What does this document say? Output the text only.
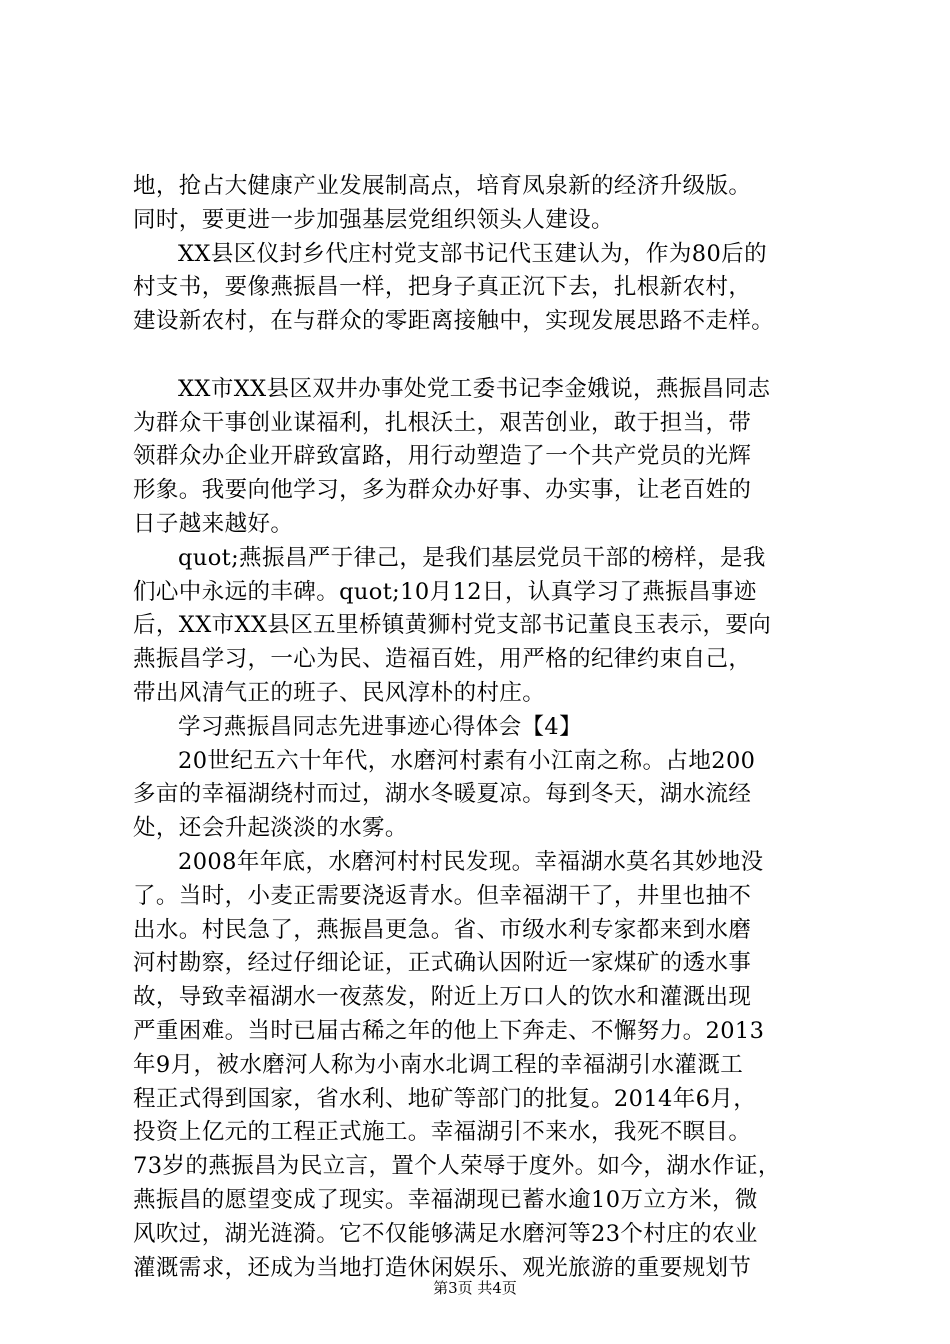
地，抢占大健康产业发展制高点，培育凤泉新的经济升级版。
同时，要更进一步加强基层党组织领头人建设。
XX县区仪封乡代庄村党支部书记代玉建认为，作为80后的
村支书，要像燕振昌一样，把身子真正沉下去，扎根新农村，
建设新农村，在与群众的零距离接触中，实现发展思路不走样。
XX市XX县区双井办事处党工委书记李金娥说，燕振昌同志
为群众干事创业谋福利，扎根沃土，艰苦创业，敢于担当，带
领群众办企业开辟致富路，用行动塑造了一个共产党员的光辉
形象。我要向他学习，多为群众办好事、办实事，让老百姓的
日子越来越好。
quot;燕振昌严于律己，是我们基层党员干部的榜样，是我
们心中永远的丰碑。quot;10月12日，认真学习了燕振昌事迹
后，XX市XX县区五里桥镇黄狮村党支部书记董良玉表示，要向
燕振昌学习，一心为民、造福百姓，用严格的纪律约束自己，
带出风清气正的班子、民风淳朴的村庄。
学习燕振昌同志先进事迹心得体会【4】
20世纪五六十年代，水磨河村素有小江南之称。占地200
多亩的幸福湖绕村而过，湖水冬暖夏凉。每到冬天，湖水流经
处，还会升起淡淡的水雾。
2008年年底，水磨河村村民发现。幸福湖水莫名其妙地没
了。当时，小麦正需要浇返青水。但幸福湖干了，井里也抽不
出水。村民急了，燕振昌更急。省、市级水利专家都来到水磨
河村勘察，经过仔细论证，正式确认因附近一家煤矿的透水事
故，导致幸福湖水一夜蒸发，附近上万口人的饮水和灌溉出现
严重困难。当时已届古稀之年的他上下奔走、不懈努力。2013
年9月，被水磨河人称为小南水北调工程的幸福湖引水灌溉工
程正式得到国家，省水利、地矿等部门的批复。2014年6月，
投资上亿元的工程正式施工。幸福湖引不来水，我死不瞑目。
73岁的燕振昌为民立言，置个人荣辱于度外。如今，湖水作证，
燕振昌的愿望变成了现实。幸福湖现已蓄水逾10万立方米，微
风吹过，湖光涟漪。它不仅能够满足水磨河等23个村庄的农业
灌溉需求，还成为当地打造休闲娱乐、观光旅游的重要规划节
第3页 共4页
